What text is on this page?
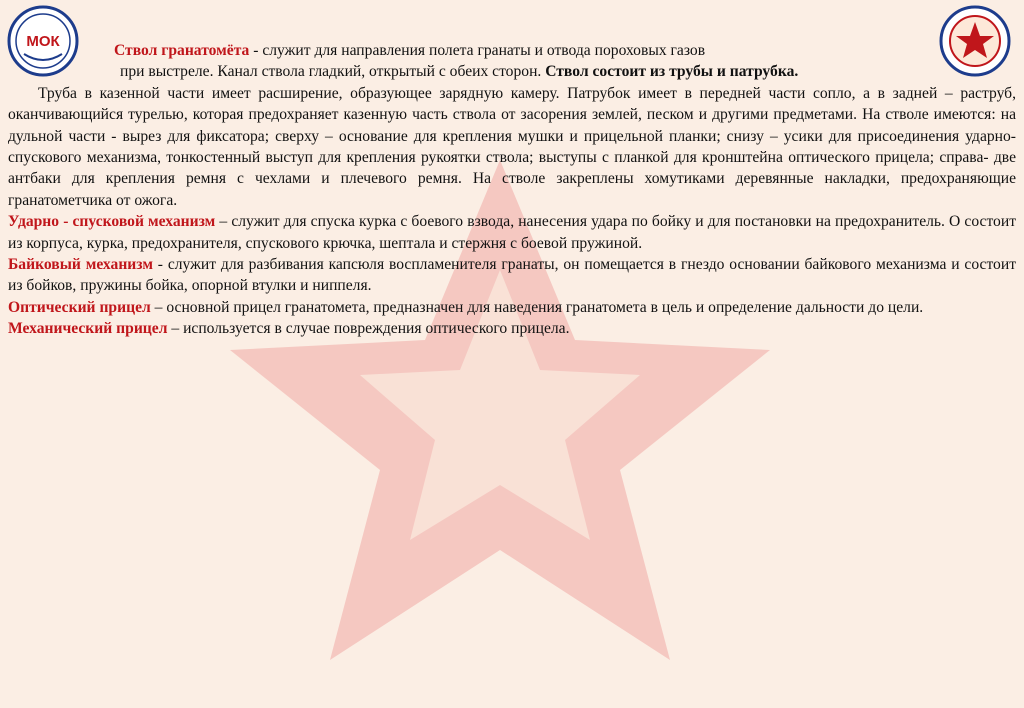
МОК

Ствол гранатомёта - служит для направления полета гранаты и отвода пороховых газов

при выстреле. Канал ствола гладкий, открытый с обеих сторон. Ствол состоит из трубы и патрубка.

Труба в казенной части имеет расширение, образующее зарядную камеру. Патрубок имеет в передней части сопло, а в задней – раструб, оканчивающийся турелью, которая предохраняет казенную часть ствола от засорения землей, песком и другими предметами. На стволе имеются: на дульной части - вырез для фиксатора; сверху – основание для крепления мушки и прицельной планки; снизу – усики для присоединения ударно-спускового механизма, тонкостенный выступ для крепления рукоятки ствола; выступы с планкой для кронштейна оптического прицела; справа- две антбаки для крепления ремня с чехлами и плечевого ремня. На стволе закреплены хомутиками деревянные накладки, предохраняющие гранатометчика от ожога.

Ударно - спусковой механизм – служит для спуска курка с боевого взвода, нанесения удара по бойку и для постановки на предохранитель. О состоит из корпуса, курка, предохранителя, спускового крючка, шептала и стержня с боевой пружиной.

Байковый механизм - служит для разбивания капсюля воспламенителя гранаты, он помещается в гнездо основании байкового механизма и состоит из бойков, пружины бойка, опорной втулки и ниппеля.

Оптический прицел – основной прицел гранатомета, предназначен для наведения гранатомета в цель и определение дальности до цели.

Механический прицел – используется в случае повреждения оптического прицела.
